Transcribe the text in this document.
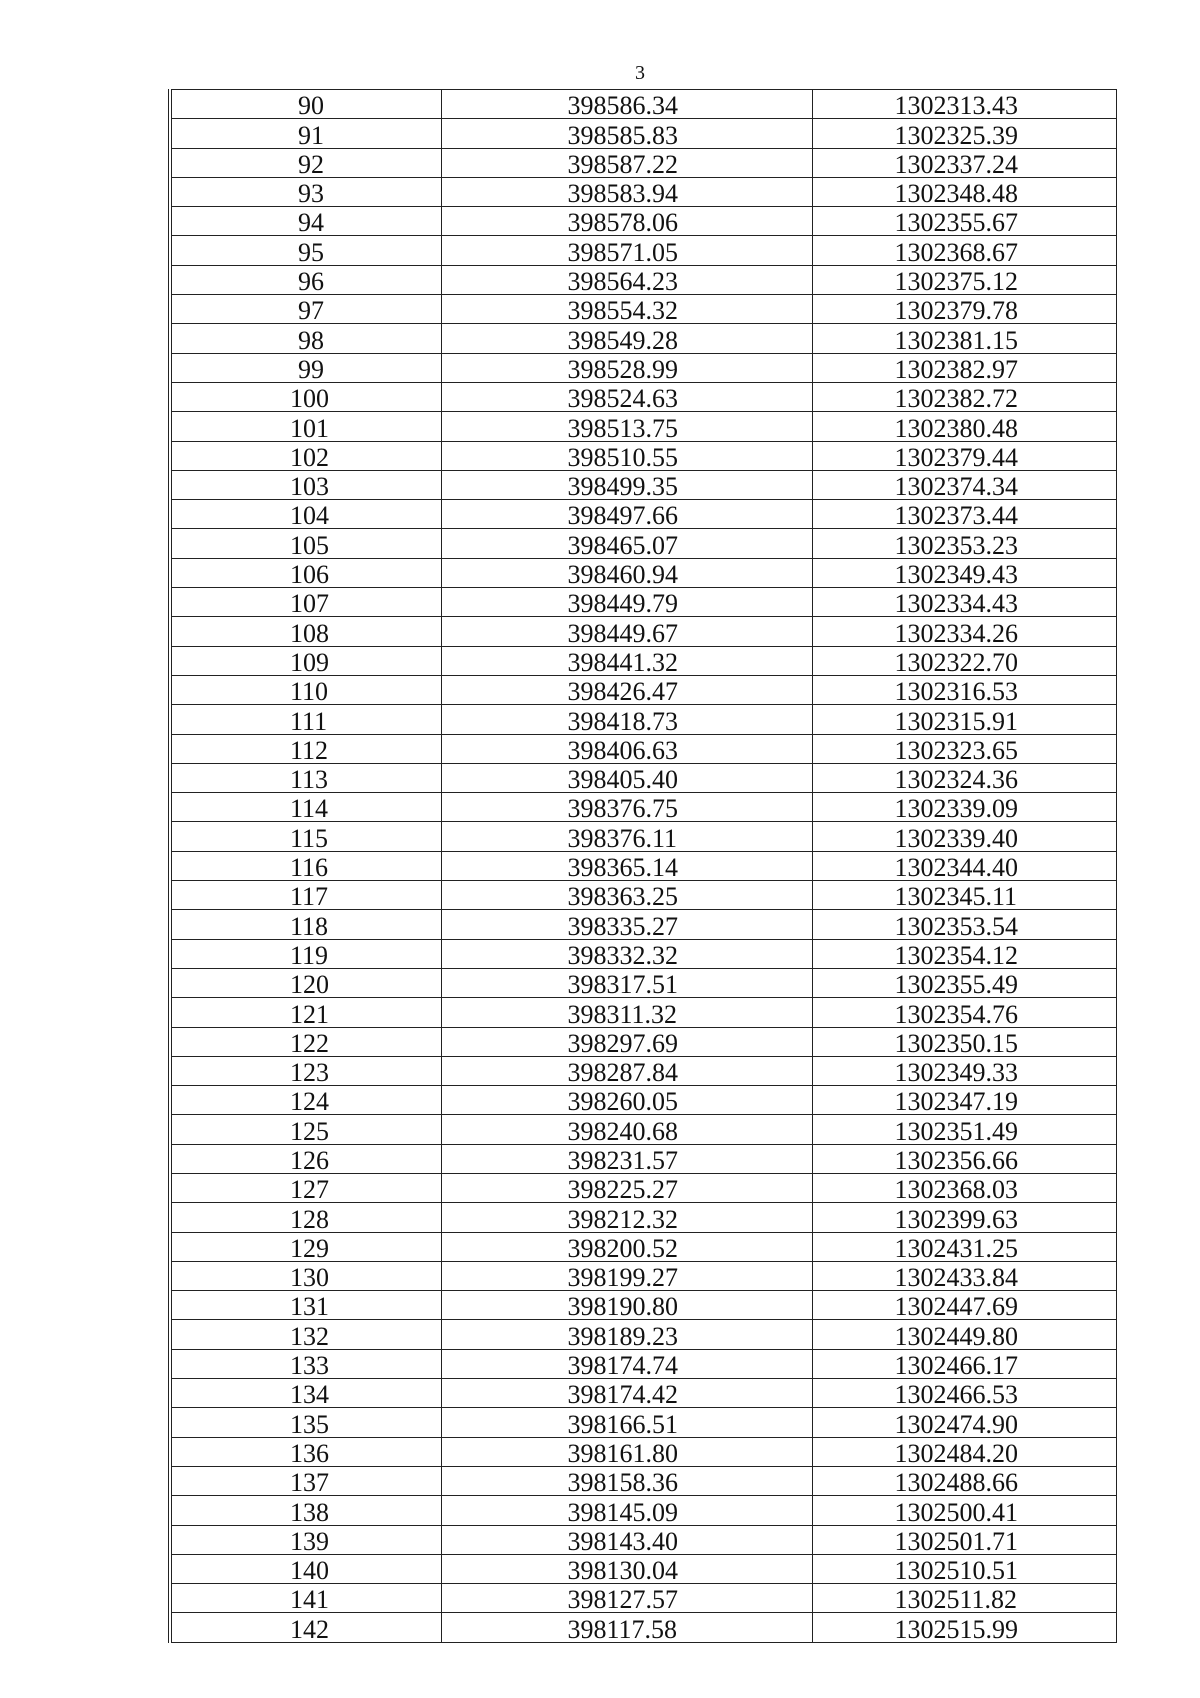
3
90	398586.34	1302313.43
91	398585.83	1302325.39
92	398587.22	1302337.24
93	398583.94	1302348.48
94	398578.06	1302355.67
95	398571.05	1302368.67
96	398564.23	1302375.12
97	398554.32	1302379.78
98	398549.28	1302381.15
99	398528.99	1302382.97
100	398524.63	1302382.72
101	398513.75	1302380.48
102	398510.55	1302379.44
103	398499.35	1302374.34
104	398497.66	1302373.44
105	398465.07	1302353.23
106	398460.94	1302349.43
107	398449.79	1302334.43
108	398449.67	1302334.26
109	398441.32	1302322.70
110	398426.47	1302316.53
111	398418.73	1302315.91
112	398406.63	1302323.65
113	398405.40	1302324.36
114	398376.75	1302339.09
115	398376.11	1302339.40
116	398365.14	1302344.40
117	398363.25	1302345.11
118	398335.27	1302353.54
119	398332.32	1302354.12
120	398317.51	1302355.49
121	398311.32	1302354.76
122	398297.69	1302350.15
123	398287.84	1302349.33
124	398260.05	1302347.19
125	398240.68	1302351.49
126	398231.57	1302356.66
127	398225.27	1302368.03
128	398212.32	1302399.63
129	398200.52	1302431.25
130	398199.27	1302433.84
131	398190.80	1302447.69
132	398189.23	1302449.80
133	398174.74	1302466.17
134	398174.42	1302466.53
135	398166.51	1302474.90
136	398161.80	1302484.20
137	398158.36	1302488.66
138	398145.09	1302500.41
139	398143.40	1302501.71
140	398130.04	1302510.51
141	398127.57	1302511.82
142	398117.58	1302515.99
